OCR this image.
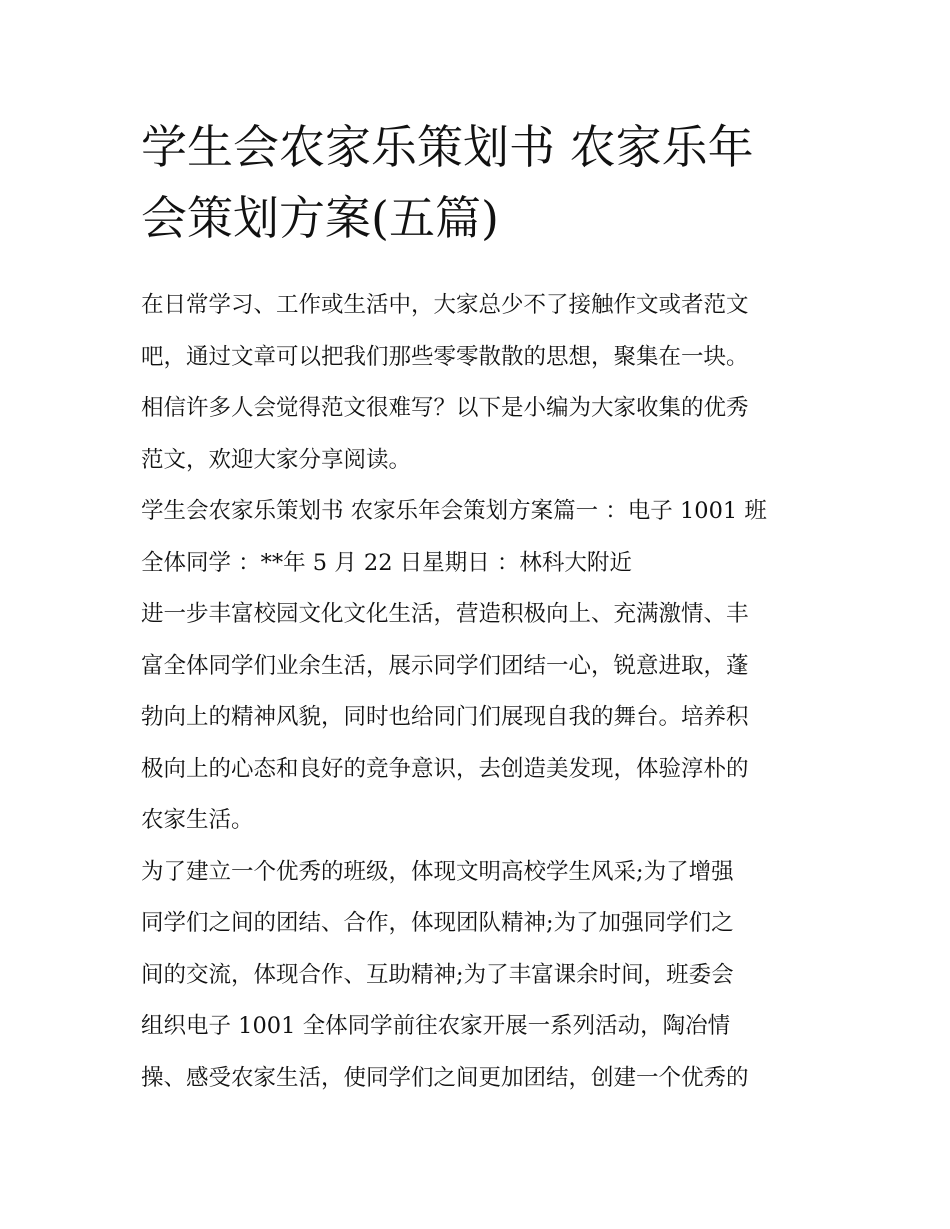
学生会农家乐策划书 农家乐年
会策划方案(五篇)
在日常学习、工作或生活中，大家总少不了接触作文或者范文
吧，通过文章可以把我们那些零零散散的思想，聚集在一块。
相信许多人会觉得范文很难写？以下是小编为大家收集的优秀
范文，欢迎大家分享阅读。
学生会农家乐策划书 农家乐年会策划方案篇一 ：电子 1001 班
全体同学 ：**年 5 月 22 日星期日 ：林科大附近
进一步丰富校园文化文化生活，营造积极向上、充满激情、丰
富全体同学们业余生活，展示同学们团结一心，锐意进取，蓬
勃向上的精神风貌，同时也给同门们展现自我的舞台。培养积
极向上的心态和良好的竞争意识，去创造美发现，体验淳朴的
农家生活。
为了建立一个优秀的班级，体现文明高校学生风采;为了增强
同学们之间的团结、合作，体现团队精神;为了加强同学们之
间的交流，体现合作、互助精神;为了丰富课余时间，班委会
组织电子 1001 全体同学前往农家开展一系列活动，陶冶情
操、感受农家生活，使同学们之间更加团结，创建一个优秀的
